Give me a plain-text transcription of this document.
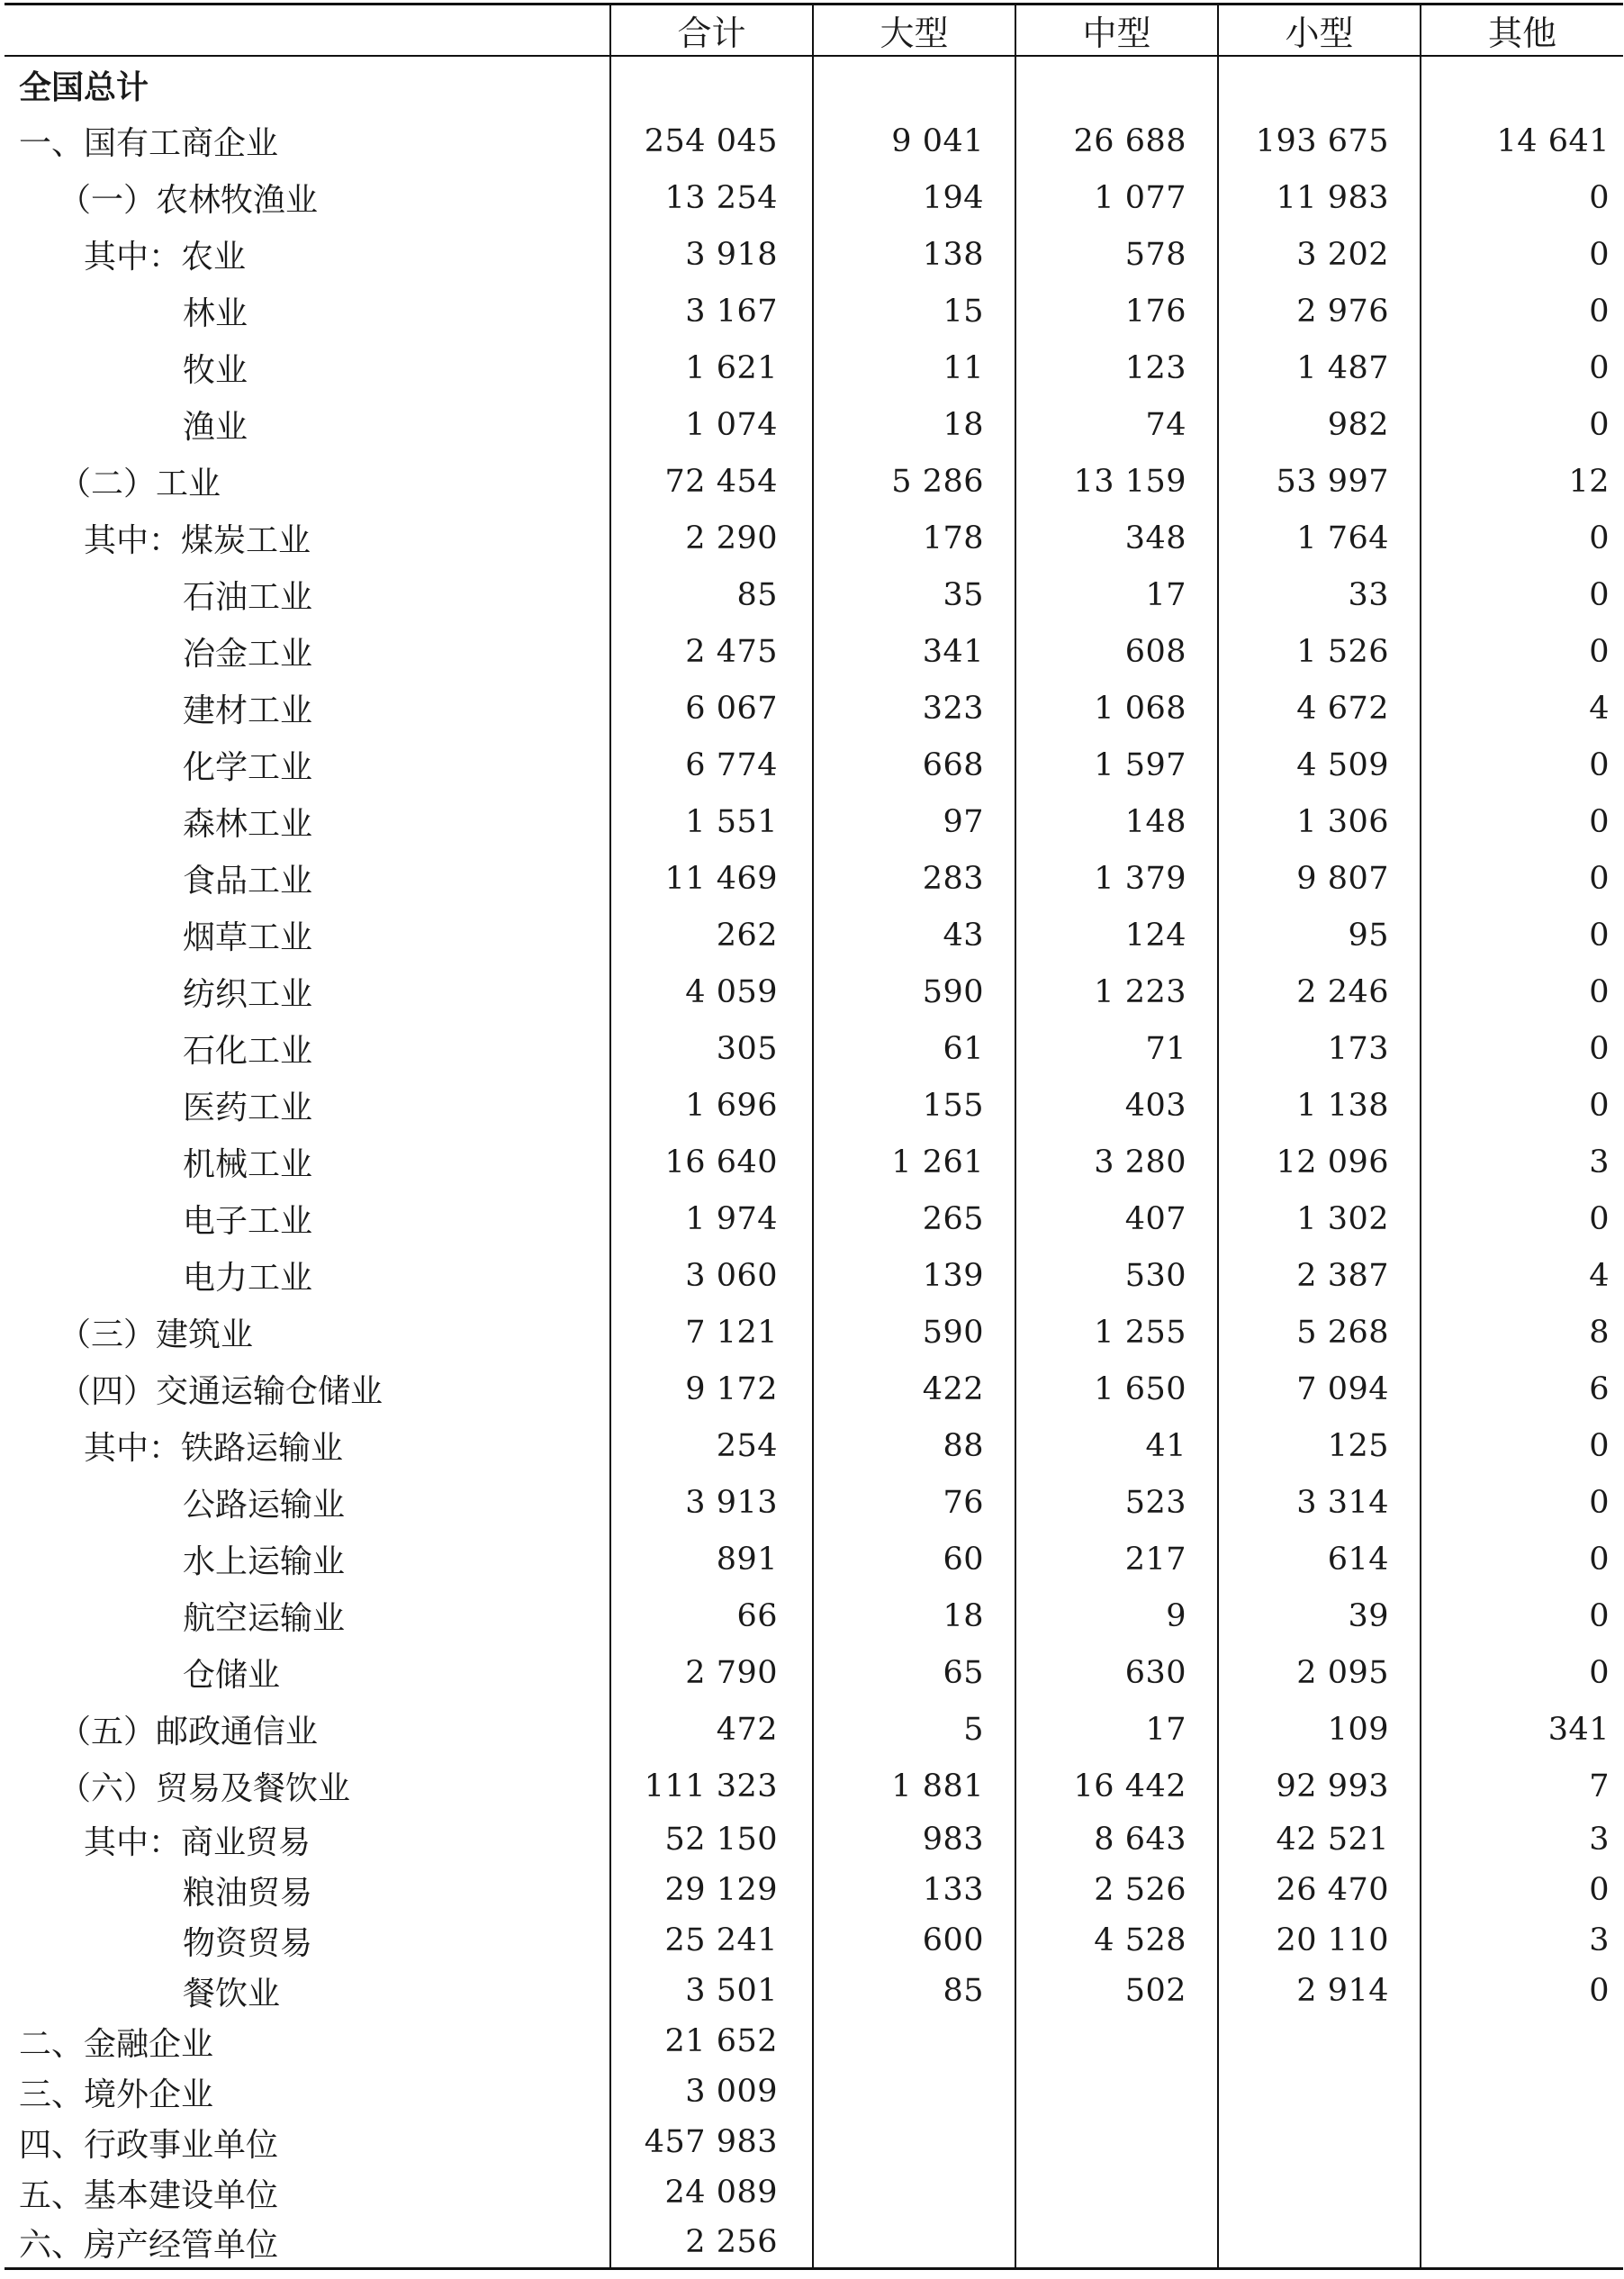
	合计	大型	中型	小型	其他
全国总计					
一、国有工商企业	254 045	9 041	26 688	193 675	14 641
（一）农林牧渔业	13 254	194	1 077	11 983	0
其中：农业	3 918	138	578	3 202	0
林业	3 167	15	176	2 976	0
牧业	1 621	11	123	1 487	0
渔业	1 074	18	74	982	0
（二）工业	72 454	5 286	13 159	53 997	12
其中：煤炭工业	2 290	178	348	1 764	0
石油工业	85	35	17	33	0
冶金工业	2 475	341	608	1 526	0
建材工业	6 067	323	1 068	4 672	4
化学工业	6 774	668	1 597	4 509	0
森林工业	1 551	97	148	1 306	0
食品工业	11 469	283	1 379	9 807	0
烟草工业	262	43	124	95	0
纺织工业	4 059	590	1 223	2 246	0
石化工业	305	61	71	173	0
医药工业	1 696	155	403	1 138	0
机械工业	16 640	1 261	3 280	12 096	3
电子工业	1 974	265	407	1 302	0
电力工业	3 060	139	530	2 387	4
（三）建筑业	7 121	590	1 255	5 268	8
（四）交通运输仓储业	9 172	422	1 650	7 094	6
其中：铁路运输业	254	88	41	125	0
公路运输业	3 913	76	523	3 314	0
水上运输业	891	60	217	614	0
航空运输业	66	18	9	39	0
仓储业	2 790	65	630	2 095	0
（五）邮政通信业	472	5	17	109	341
（六）贸易及餐饮业	111 323	1 881	16 442	92 993	7
其中：商业贸易	52 150	983	8 643	42 521	3
粮油贸易	29 129	133	2 526	26 470	0
物资贸易	25 241	600	4 528	20 110	3
餐饮业	3 501	85	502	2 914	0
二、金融企业	21 652				
三、境外企业	3 009				
四、行政事业单位	457 983				
五、基本建设单位	24 089				
六、房产经管单位	2 256				
